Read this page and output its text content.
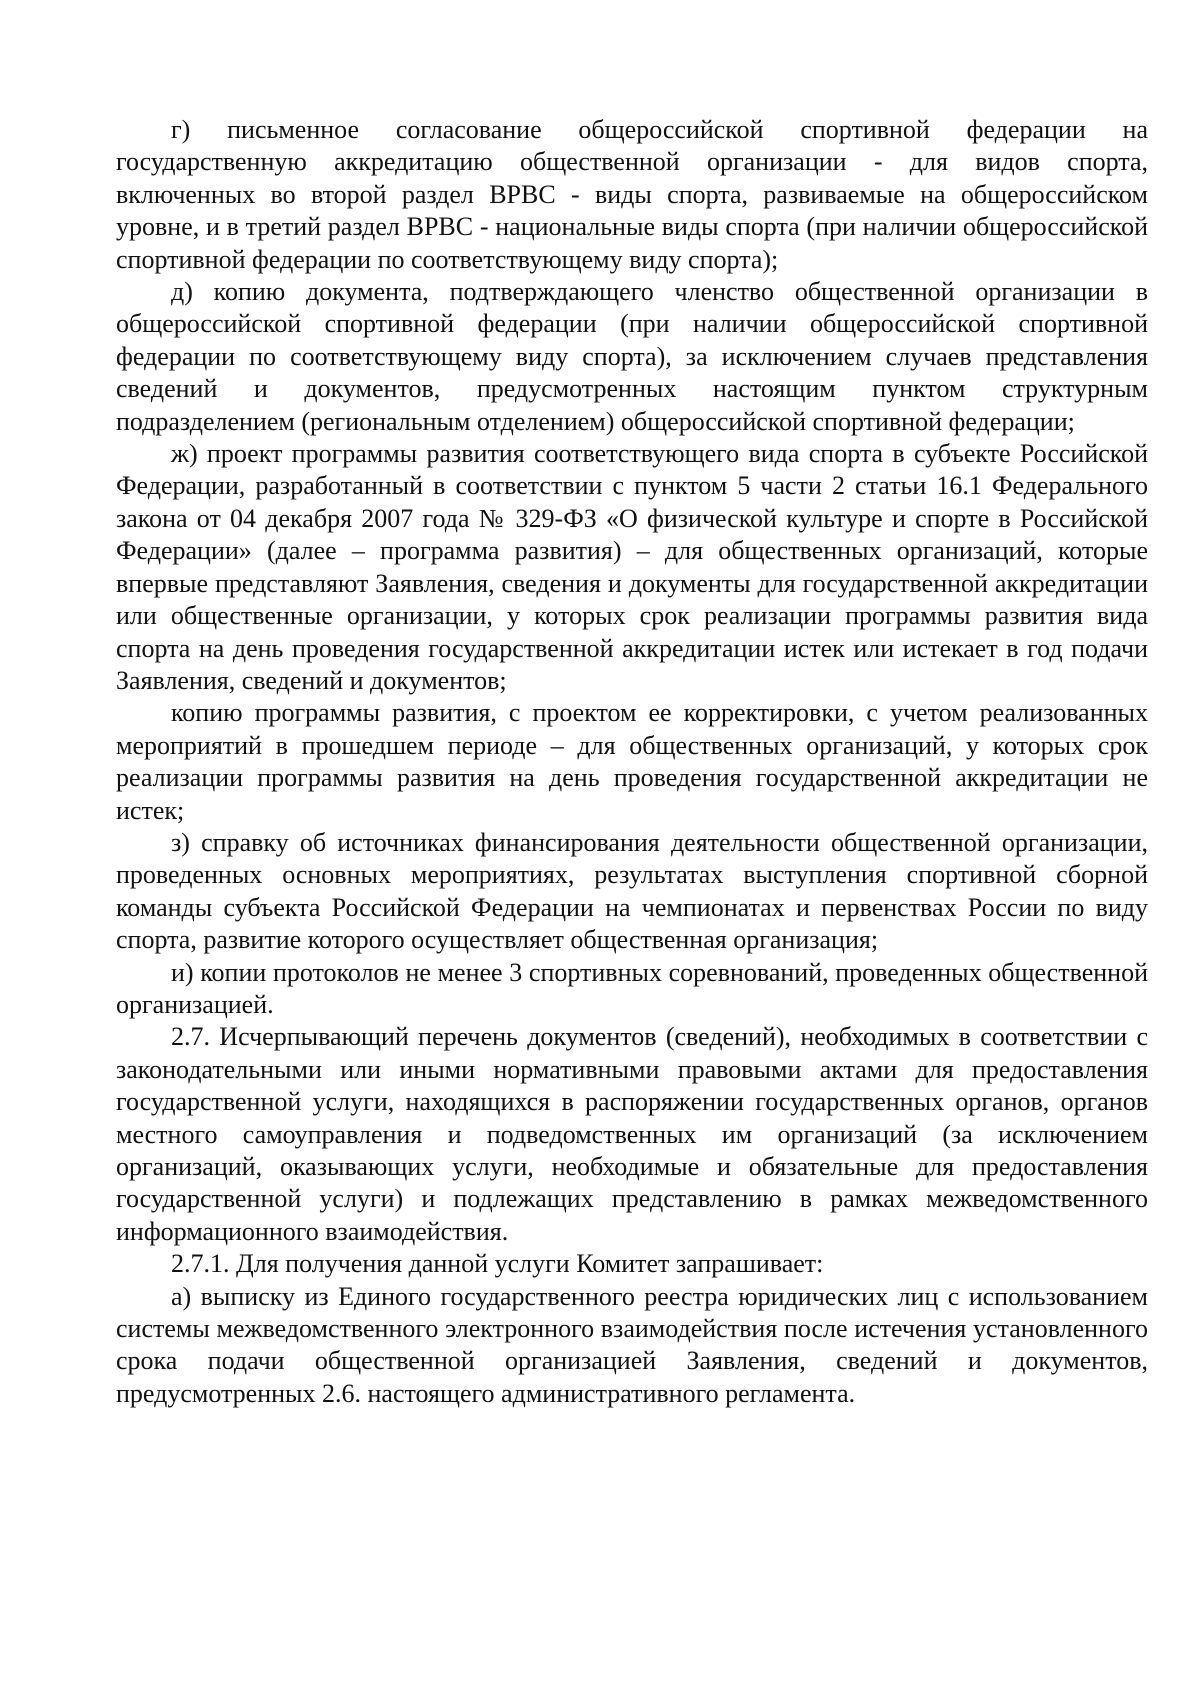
г) письменное согласование общероссийской спортивной федерации на государственную аккредитацию общественной организации - для видов спорта, включенных во второй раздел ВРВС - виды спорта, развиваемые на общероссийском уровне, и в третий раздел ВРВС - национальные виды спорта (при наличии общероссийской спортивной федерации по соответствующему виду спорта);

д) копию документа, подтверждающего членство общественной организации в общероссийской спортивной федерации (при наличии общероссийской спортивной федерации по соответствующему виду спорта), за исключением случаев представления сведений и документов, предусмотренных настоящим пунктом структурным подразделением (региональным отделением) общероссийской спортивной федерации;

ж) проект программы развития соответствующего вида спорта в субъекте Российской Федерации, разработанный в соответствии с пунктом 5 части 2 статьи 16.1 Федерального закона от 04 декабря 2007 года № 329-ФЗ «О физической культуре и спорте в Российской Федерации» (далее – программа развития) – для общественных организаций, которые впервые представляют Заявления, сведения и документы для государственной аккредитации или общественные организации, у которых срок реализации программы развития вида спорта на день проведения государственной аккредитации истек или истекает в год подачи Заявления, сведений и документов;

копию программы развития, с проектом ее корректировки, с учетом реализованных мероприятий в прошедшем периоде – для общественных организаций, у которых срок реализации программы развития на день проведения государственной аккредитации не истек;

з) справку об источниках финансирования деятельности общественной организации, проведенных основных мероприятиях, результатах выступления спортивной сборной команды субъекта Российской Федерации на чемпионатах и первенствах России по виду спорта, развитие которого осуществляет общественная организация;

и) копии протоколов не менее 3 спортивных соревнований, проведенных общественной организацией.

2.7. Исчерпывающий перечень документов (сведений), необходимых в соответствии с законодательными или иными нормативными правовыми актами для предоставления государственной услуги, находящихся в распоряжении государственных органов, органов местного самоуправления и подведомственных им организаций (за исключением организаций, оказывающих услуги, необходимые и обязательные для предоставления государственной услуги) и подлежащих представлению в рамках межведомственного информационного взаимодействия.

2.7.1. Для получения данной услуги Комитет запрашивает:

а) выписку из Единого государственного реестра юридических лиц с использованием системы межведомственного электронного взаимодействия после истечения установленного срока подачи общественной организацией Заявления, сведений и документов, предусмотренных 2.6. настоящего административного регламента.
